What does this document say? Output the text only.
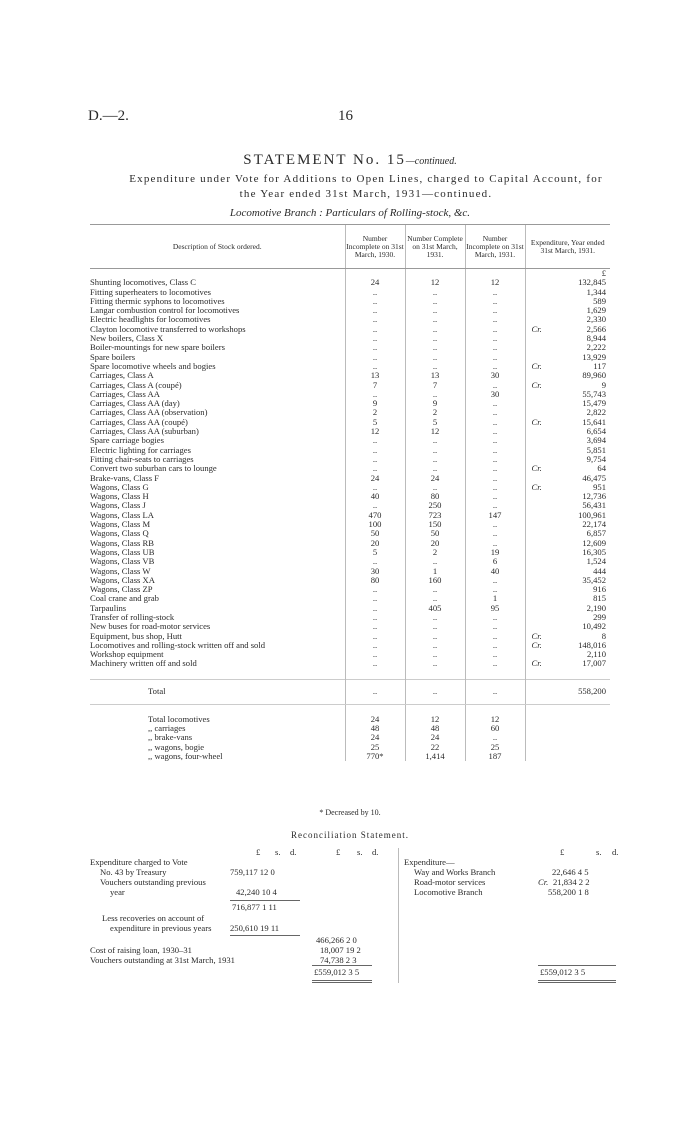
D.—2.	16
STATEMENT No. 15—continued.
Expenditure under Vote for Additions to Open Lines, charged to Capital Account, for
the Year ended 31st March, 1931—continued.
Locomotive Branch : Particulars of Rolling-stock, &c.
Description of Stock ordered.	Number Incomplete on 31st March, 1930.	Number Complete on 31st March, 1931.	Number Incomplete on 31st March, 1931.	Expenditure, Year ended 31st March, 1931.
				£
Shunting locomotives, Class C	24	12	12	132,845
Fitting superheaters to locomotives	..	..	..	1,344
Fitting thermic syphons to locomotives	..	..	..	589
Langar combustion control for locomotives	..	..	..	1,629
Electric headlights for locomotives	..	..	..	2,330
Clayton locomotive transferred to workshops	..	..	..	Cr. 2,566
New boilers, Class X	..	..	..	8,944
Boiler-mountings for new spare boilers	..	..	..	2,222
Spare boilers	..	..	..	13,929
Spare locomotive wheels and bogies	..	..	..	Cr. 117
Carriages, Class A	13	13	30	89,960
Carriages, Class A (coupé)	7	7	..	Cr. 9
Carriages, Class AA	..	..	30	55,743
Carriages, Class AA (day)	9	9	..	15,479
Carriages, Class AA (observation)	2	2	..	2,822
Carriages, Class AA (coupé)	5	5	..	Cr. 15,641
Carriages, Class AA (suburban)	12	12	..	6,654
Spare carriage bogies	..	..	..	3,694
Electric lighting for carriages	..	..	..	5,851
Fitting chair-seats to carriages	..	..	..	9,754
Convert two suburban cars to lounge	..	..	..	Cr. 64
Brake-vans, Class F	24	24	..	46,475
Wagons, Class G	..	..	..	Cr. 951
Wagons, Class H	40	80	..	12,736
Wagons, Class J	..	250	..	56,431
Wagons, Class LA	470	723	147	100,961
Wagons, Class M	100	150	..	22,174
Wagons, Class Q	50	50	..	6,857
Wagons, Class RB	20	20	..	12,609
Wagons, Class UB	5	2	19	16,305
Wagons, Class VB	..	..	6	1,524
Wagons, Class W	30	1	40	444
Wagons, Class XA	80	160	..	35,452
Wagons, Class ZP	..	..	..	916
Coal crane and grab	..	..	1	815
Tarpaulins	..	405	95	2,190
Transfer of rolling-stock	..	..	..	299
New buses for road-motor services	..	..	..	10,492
Equipment, bus shop, Hutt	..	..	..	Cr. 8
Locomotives and rolling-stock written off and sold	..	..	..	Cr. 148,016
Workshop equipment	..	..	..	2,110
Machinery written off and sold	..	..	..	Cr. 17,007

Total	..	..	..	558,200

Total locomotives	24	12	12	
,, carriages	48	48	60	
,, brake-vans	24	24	..	
,, wagons, bogie	25	22	25	
,, wagons, four-wheel	770*	1,414	187	
* Decreased by 10.
Reconciliation Statement.
£ s. d.	£ s. d.
Expenditure charged to Vote
No. 43 by Treasury	759,117 12 0
Vouchers outstanding previous
year	42,240 10 4
716,877 1 11
Less recoveries on account of
expenditure in previous years 250,610 19 11
466,266 2 0
Cost of raising loan, 1930–31	18,007 19 2
Vouchers outstanding at 31st March, 1931	74,738 2 3
£	s. d.
Expenditure—
Way and Works Branch	22,646 4 5
Road-motor services	Cr. 21,834 2 2
Locomotive Branch	558,200 1 8
£559,012 3 5	£559,012 3 5
